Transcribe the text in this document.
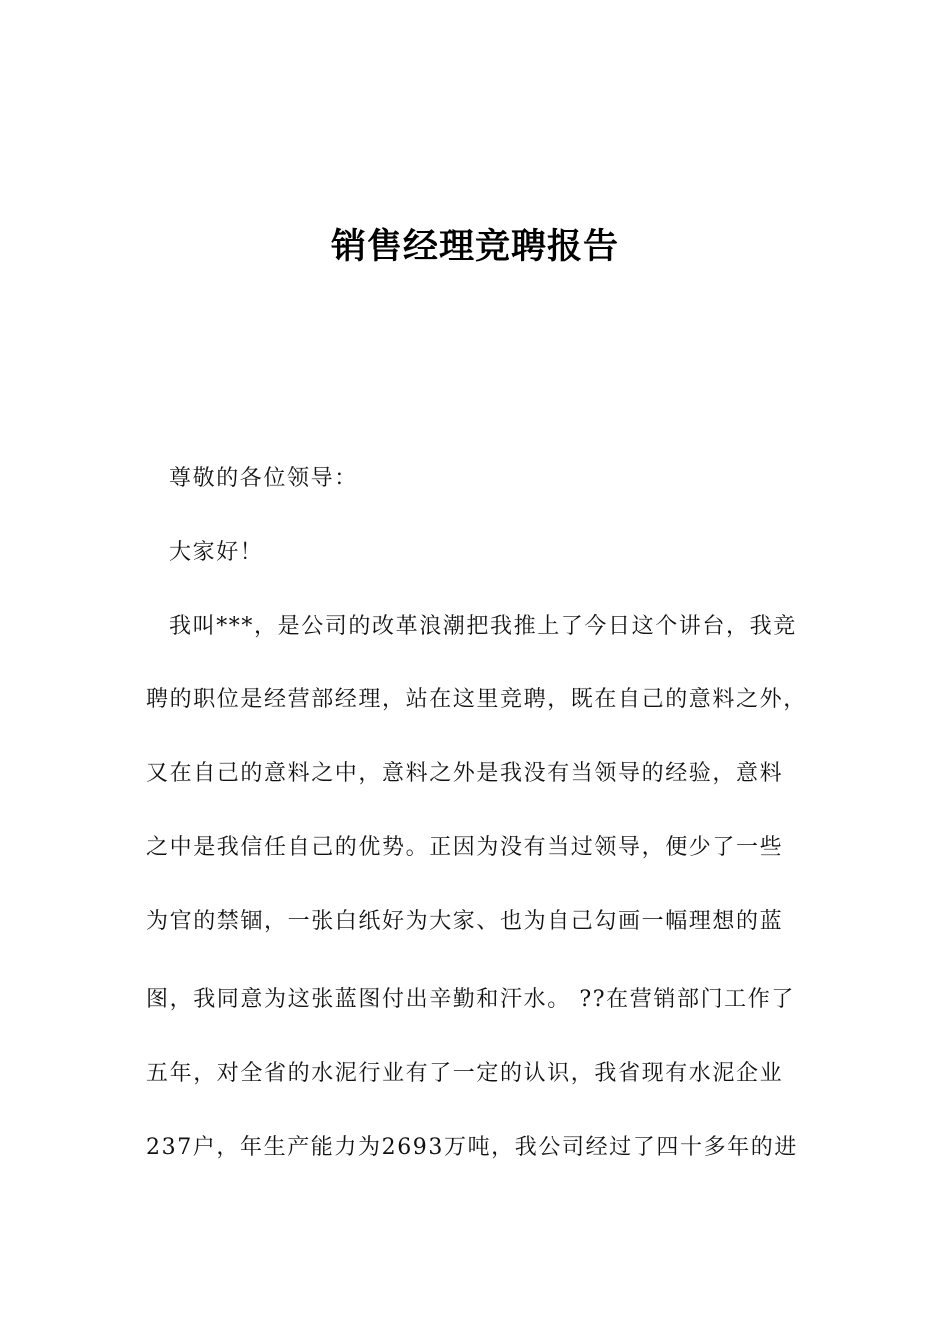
销售经理竞聘报告

尊敬的各位领导：

大家好！

我叫***，是公司的改革浪潮把我推上了今日这个讲台，我竞

聘的职位是经营部经理，站在这里竞聘，既在自己的意料之外，

又在自己的意料之中，意料之外是我没有当领导的经验，意料

之中是我信任自己的优势。正因为没有当过领导，便少了一些

为官的禁锢，一张白纸好为大家、也为自己勾画一幅理想的蓝

图，我同意为这张蓝图付出辛勤和汗水。 ??在营销部门工作了

五年，对全省的水泥行业有了一定的认识，我省现有水泥企业

237户，年生产能力为2693万吨，我公司经过了四十多年的进
